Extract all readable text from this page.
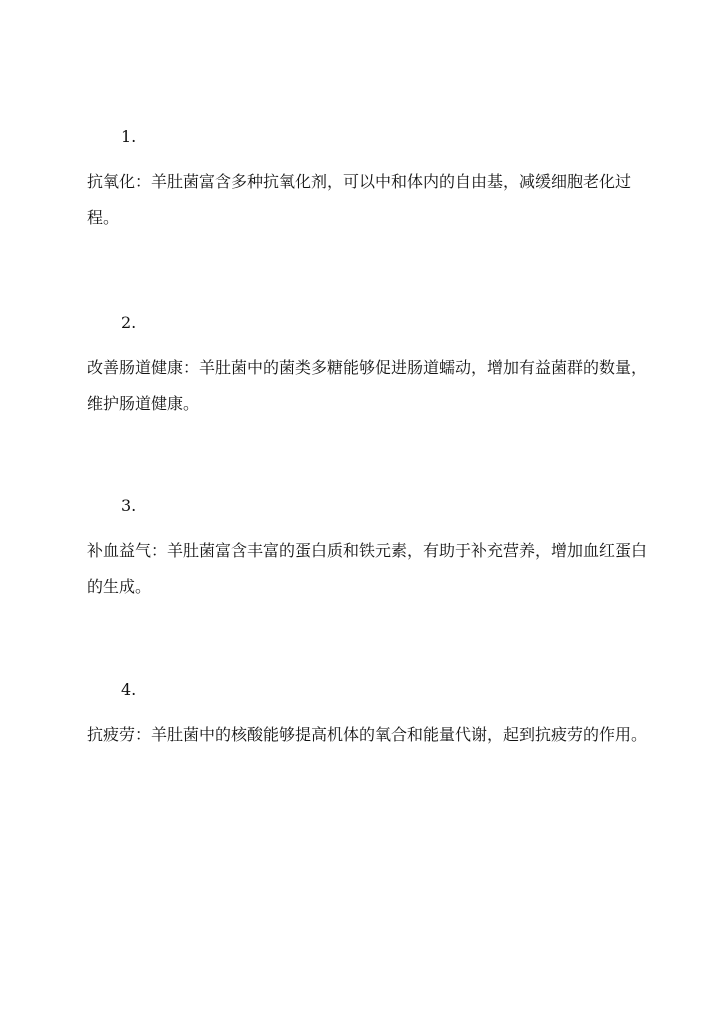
1.
抗氧化：羊肚菌富含多种抗氧化剂，可以中和体内的自由基，减缓细胞老化过程。
2.
改善肠道健康：羊肚菌中的菌类多糖能够促进肠道蠕动，增加有益菌群的数量，维护肠道健康。
3.
补血益气：羊肚菌富含丰富的蛋白质和铁元素，有助于补充营养，增加血红蛋白的生成。
4.
抗疲劳：羊肚菌中的核酸能够提高机体的氧合和能量代谢，起到抗疲劳的作用。
